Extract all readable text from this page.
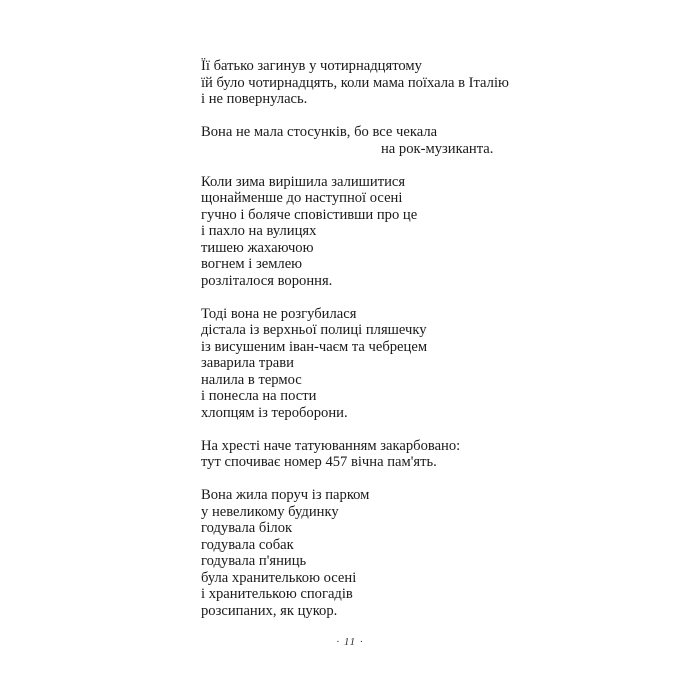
Її батько загинув у чотирнадцятому
їй було чотирнадцять, коли мама поїхала в Італію
і не повернулась.
Вона не мала стосунків, бо все чекала
на рок-музиканта.
Коли зима вирішила залишитися
щонайменше до наступної осені
гучно і боляче сповістивши про це
і пахло на вулицях
тишею жахаючою
вогнем і землею
розліталося вороння.
Тоді вона не розгубилася
дістала із верхньої полиці пляшечку
із висушеним іван-чаєм та чебрецем
заварила трави
налила в термос
і понесла на пости
хлопцям із тероборони.
На хресті наче татуюванням закарбовано:
тут спочиває номер 457 вічна пам'ять.
Вона жила поруч із парком
у невеликому будинку
годувала білок
годувала собак
годувала п'яниць
була хранителькою осені
і хранителькою спогадів
розсипаних, як цукор.
· 11 ·
